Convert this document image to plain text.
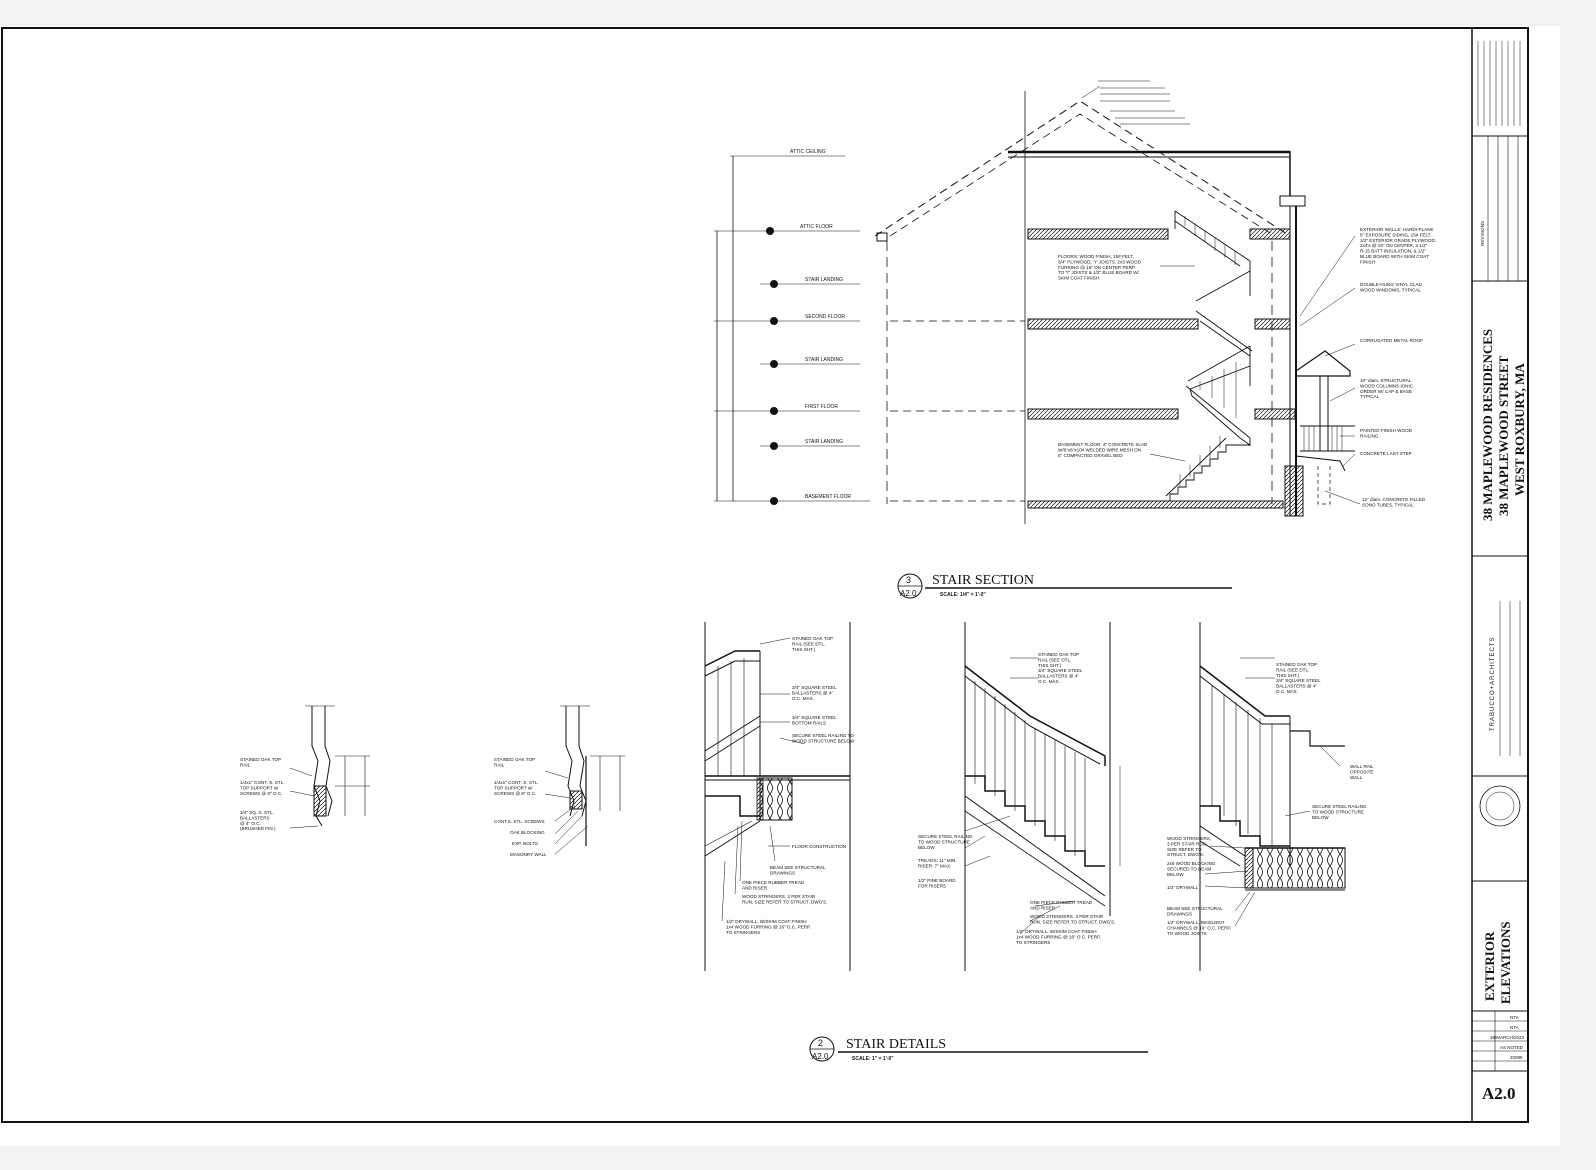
ATTIC CEILING
ATTIC FLOOR
STAIR LANDING
SECOND FLOOR
STAIR LANDING
FIRST FLOOR
STAIR LANDING
BASEMENT FLOOR
FLOORS: WOOD FINISH, 15# FELT, 3/4" PLYWOOD, "I" JOISTS, 2x3 WOOD FURRING @ 16" ON CENTER PERP. TO "I" JOISTS & 1/2" BLUE BOARD W/ SKIM COAT FINISH
BASEMENT FLOOR: 4" CONCRETE SLAB W/6"x6"x10# WELDED WIRE MESH ON 6" COMPACTED GRAVEL BED
EXTERIOR WALLS: HARDI-PLANK 5" EXPOSURE SIDING, 15# FELT, 1/2" EXTERIOR GRADE PLYWOOD, 2x4's @ 16" ON CENTER, 3 1/2" R-15 BATT INSULATION, & 1/2" BLUE BOARD WITH SKIM COAT FINISH
DOUBLE-HUNG VINYL CLAD WOOD WINDOWS, TYPICAL
CORRUGATED METAL ROOF
10" diam. STRUCTURAL WOOD COLUMNS IONIC ORDER W/ CAP & BASE TYPICAL
PAINTED FINISH WOOD RAILING
CONCRETE LAST STEP
12" diam. CONCRETE FILLED SONO TUBES, TYPICAL
3
A2.0
STAIR SECTION
SCALE: 1/4" = 1'-0"
STAINED OAK TOP RAIL
1/4x1" CONT. S. STL. TOP SUPPORT w/ SCREWS @ 8" O.C.
3/4" SQ. S. STL. BALLASTERS @ 4" O.C. (BRUSHED FIN.)
STAINED OAK TOP RAIL
1/4x1" CONT. S. STL. TOP SUPPORT w/ SCREWS @ 8" O.C.
CONT.S. STL. SCREWS OAK BLOCKING EXP. BOLTS MASONRY WALL
STAINED OAK TOP RAIL (SEE DTL. THIS SHT.)
3/4" SQUARE STEEL BALLASTERS @ 4" O.C. MAX.
3/4" SQUARE STEEL BOTTOM RAILS
SECURE STEEL RAILING TO WOOD STRUCTURE BELOW
FLOOR CONSTRUCTION
BEAM SEE STRUCTURAL DRAWINGS
ONE PIECE RUBBER TREAD AND RISER
WOOD STRINGERS, 3 PER STAIR RUN, SIZE REFER TO STRUCT. DWG'S.
1/2" DRYWALL, W/SKIM COAT FINISH 1x4 WOOD FURRING @ 16" O.C. PERP. TO STRINGERS
STAINED OAK TOP RAIL (SEE DTL. THIS SHT.) 3/4" SQUARE STEEL BALLASTERS @ 4" O.C. MAX.
SECURE STEEL RAILING TO WOOD STRUCTURE BELOW
TREADS: 11" MIN. RISER: 7" MAX.
1/2" PINE BOARD FOR RISERS
ONE PIECE RUBBER TREAD AND RISER
WOOD STRINGERS, 3 PER STAIR RUN, SIZE REFER TO STRUCT. DWG'S.
1/2" DRYWALL, W/SKIM COAT FINISH 1x4 WOOD FURRING @ 16" O.C. PERP. TO STRINGERS
STAINED OAK TOP RAIL (SEE DTL. THIS SHT.) 3/4" SQUARE STEEL BALLASTERS @ 4" O.C. MAX.
WALL RAIL OPPOSITE WALL
SECURE STEEL RAILING TO WOOD STRUCTURE BELOW
WOOD STRINGERS, 3 PER STAIR RUN, SIZE REFER TO STRUCT. DWG'S.
2x6 WOOD BLOCKING SECURED TO BEAM BELOW
1/2" DRYWALL
BEAM SEE STRUCTURAL DRAWINGS
1/2" DRYWALL, RESILIENT CHANNELS @ 16" O.C. PERP. TO WOOD JOISTS
2
A2.0
STAIR DETAILS
SCALE: 1" = 1'-0"
REVISIONS
38 MAPLEWOOD RESIDENCES 38 MAPLEWOOD STREET WEST ROXBURY, MA
TRABUCCO+ARCHITECTS
EXTERIOR ELEVATIONS
NTA
NTA
28/MARCH/2023
AS NOTED
20095
A2.0
